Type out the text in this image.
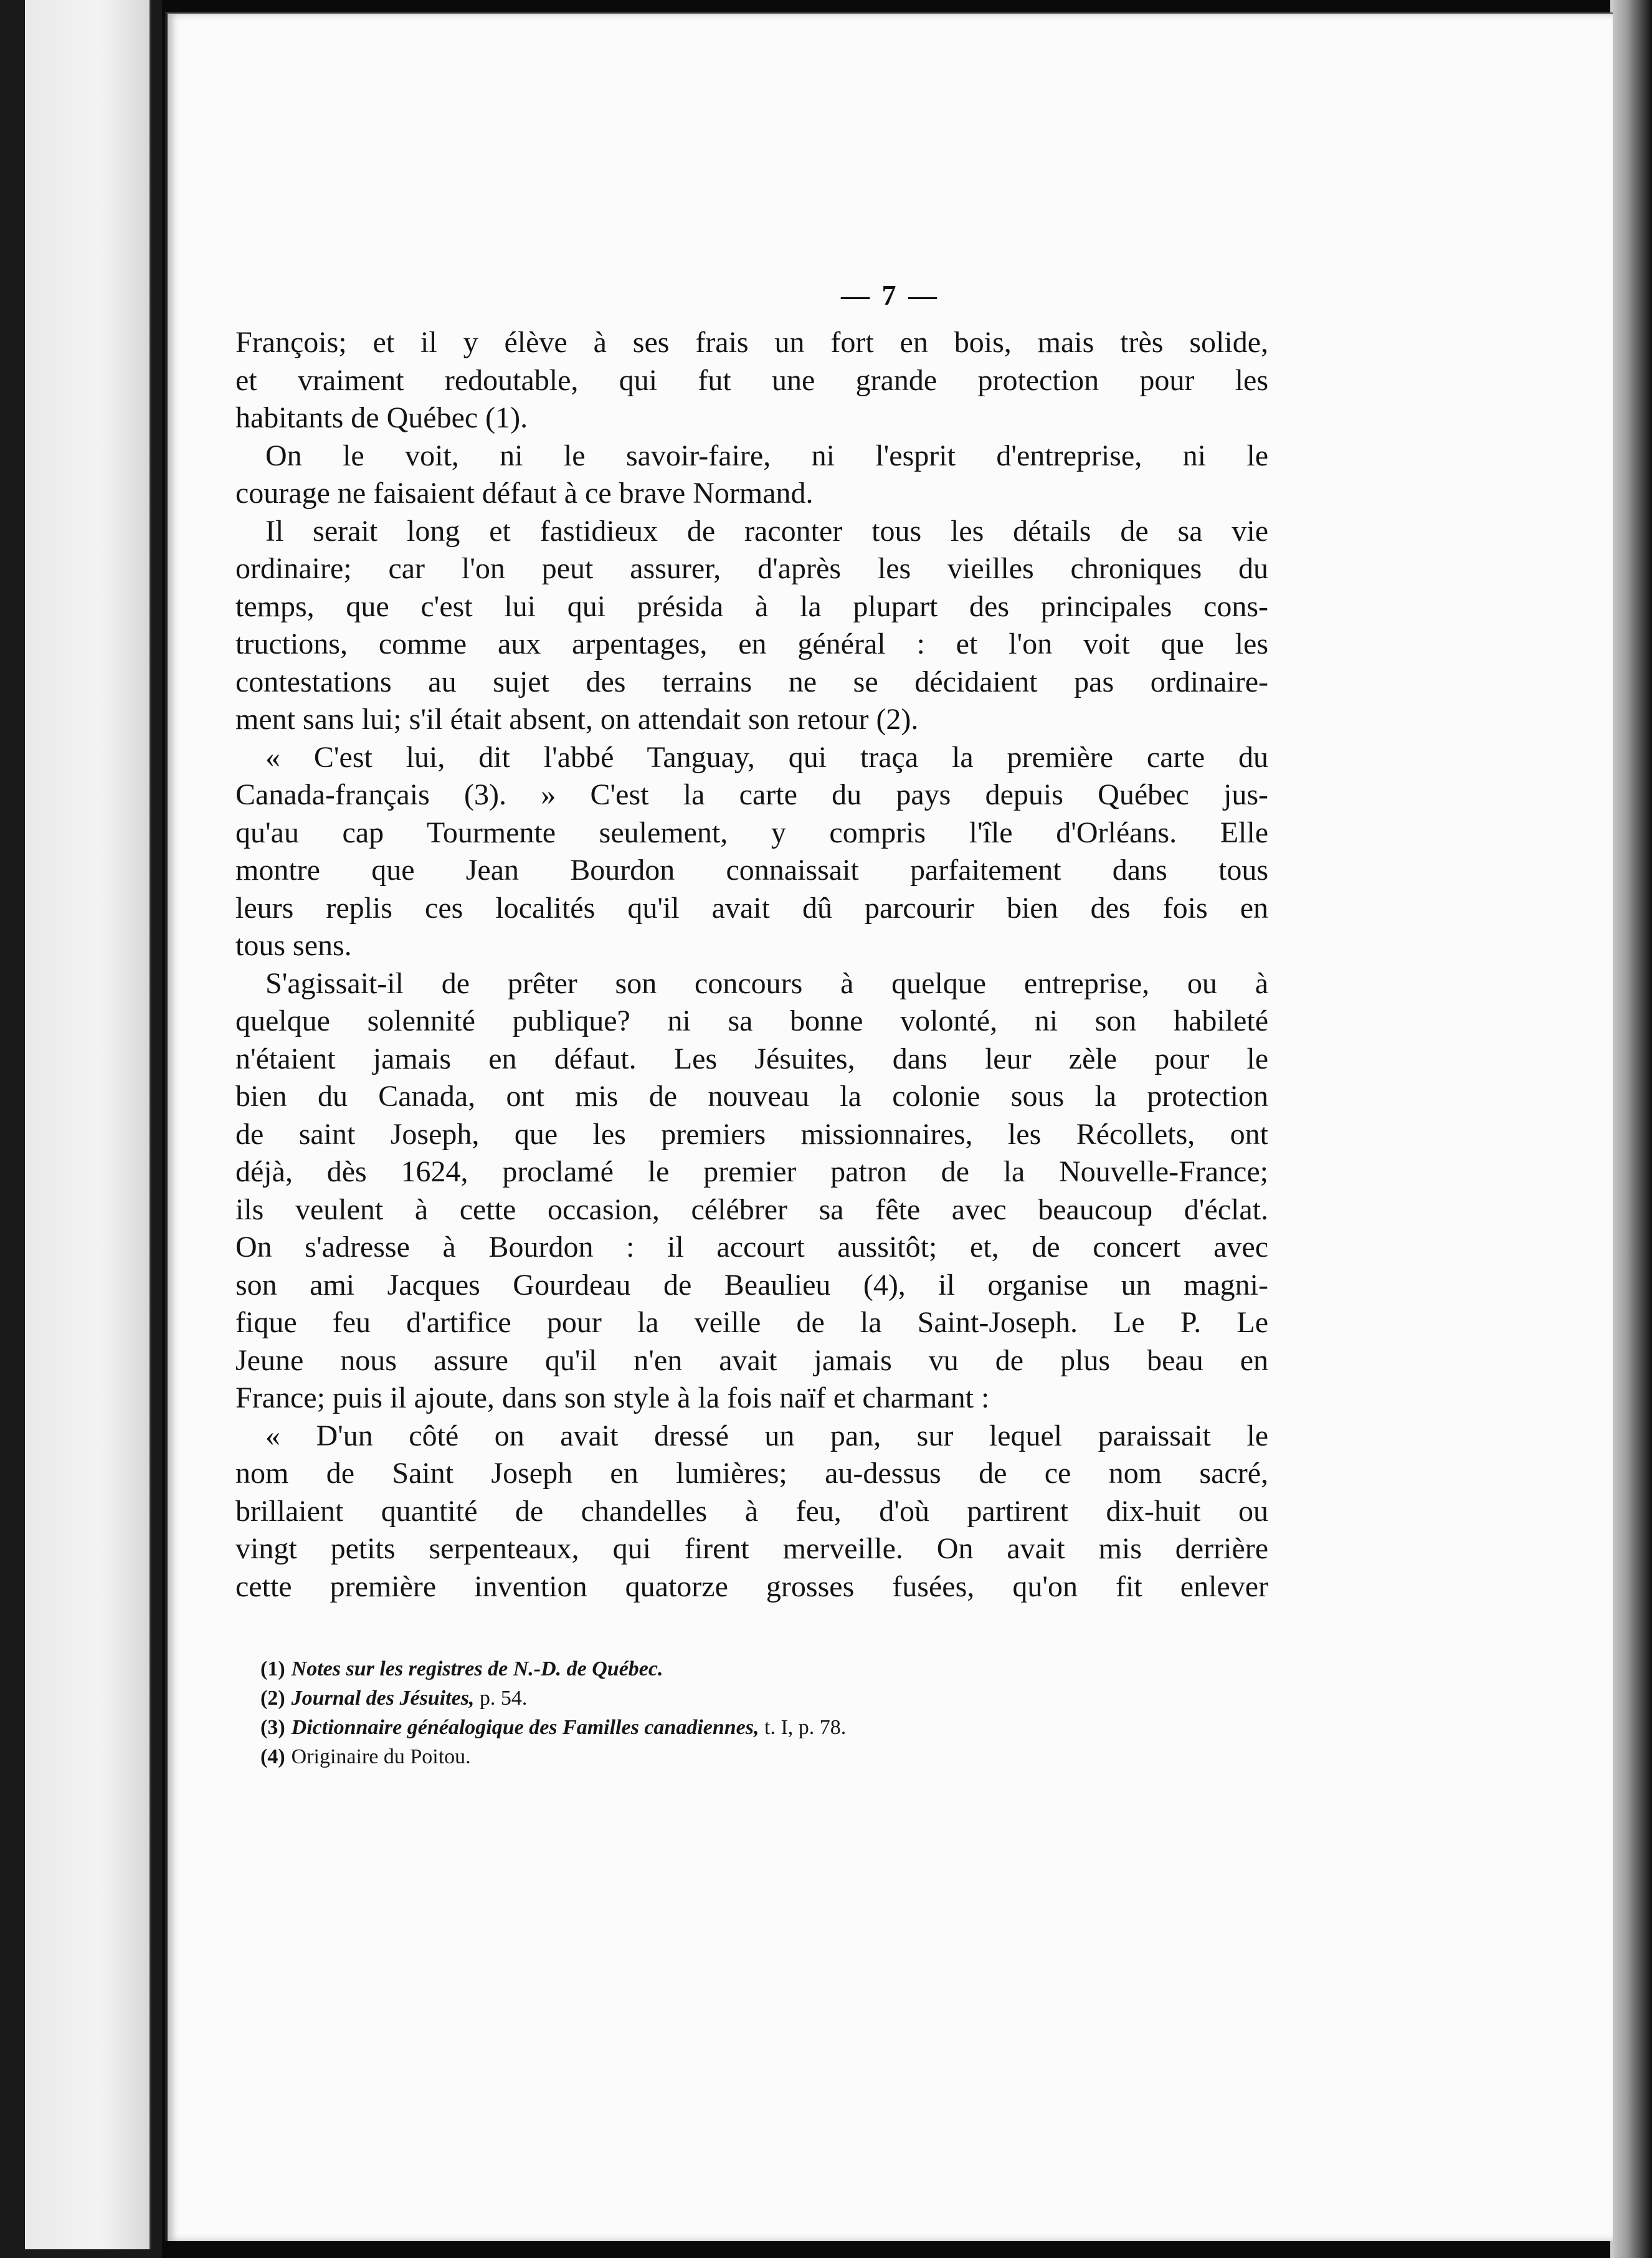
— 7 —
François; et il y élève à ses frais un fort en bois, mais très solide,
et vraiment redoutable, qui fut une grande protection pour les
habitants de Québec (1).
On le voit, ni le savoir-faire, ni l'esprit d'entreprise, ni le
courage ne faisaient défaut à ce brave Normand.
Il serait long et fastidieux de raconter tous les détails de sa vie
ordinaire; car l'on peut assurer, d'après les vieilles chroniques du
temps, que c'est lui qui présida à la plupart des principales cons-
tructions, comme aux arpentages, en général : et l'on voit que les
contestations au sujet des terrains ne se décidaient pas ordinaire-
ment sans lui; s'il était absent, on attendait son retour (2).
« C'est lui, dit l'abbé Tanguay, qui traça la première carte du
Canada-français (3). » C'est la carte du pays depuis Québec jus-
qu'au cap Tourmente seulement, y compris l'île d'Orléans. Elle
montre que Jean Bourdon connaissait parfaitement dans tous
leurs replis ces localités qu'il avait dû parcourir bien des fois en
tous sens.
S'agissait-il de prêter son concours à quelque entreprise, ou à
quelque solennité publique? ni sa bonne volonté, ni son habileté
n'étaient jamais en défaut. Les Jésuites, dans leur zèle pour le
bien du Canada, ont mis de nouveau la colonie sous la protection
de saint Joseph, que les premiers missionnaires, les Récollets, ont
déjà, dès 1624, proclamé le premier patron de la Nouvelle-France;
ils veulent à cette occasion, célébrer sa fête avec beaucoup d'éclat.
On s'adresse à Bourdon : il accourt aussitôt; et, de concert avec
son ami Jacques Gourdeau de Beaulieu (4), il organise un magni-
fique feu d'artifice pour la veille de la Saint-Joseph. Le P. Le
Jeune nous assure qu'il n'en avait jamais vu de plus beau en
France; puis il ajoute, dans son style à la fois naïf et charmant :
« D'un côté on avait dressé un pan, sur lequel paraissait le
nom de Saint Joseph en lumières; au-dessus de ce nom sacré,
brillaient quantité de chandelles à feu, d'où partirent dix-huit ou
vingt petits serpenteaux, qui firent merveille. On avait mis derrière
cette première invention quatorze grosses fusées, qu'on fit enlever
(1) Notes sur les registres de N.-D. de Québec.
(2) Journal des Jésuites, p. 54.
(3) Dictionnaire généalogique des Familles canadiennes, t. I, p. 78.
(4) Originaire du Poitou.
